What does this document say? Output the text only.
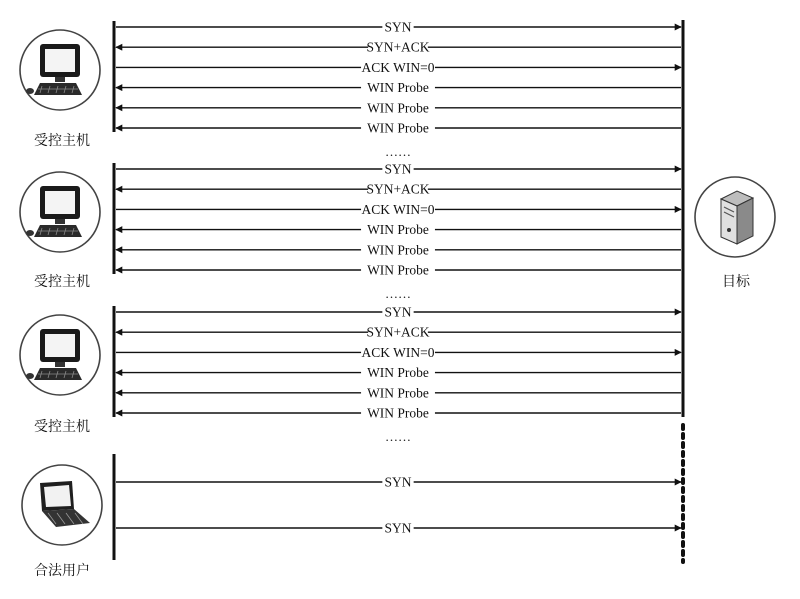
SYN
SYN+ACK
ACK WIN=0
WIN Probe
WIN Probe
WIN Probe
受控主机
……
SYN
SYN+ACK
ACK WIN=0
WIN Probe
WIN Probe
WIN Probe
受控主机
……
SYN
SYN+ACK
ACK WIN=0
WIN Probe
WIN Probe
WIN Probe
受控主机
……
SYN
SYN
合法用户
目标
